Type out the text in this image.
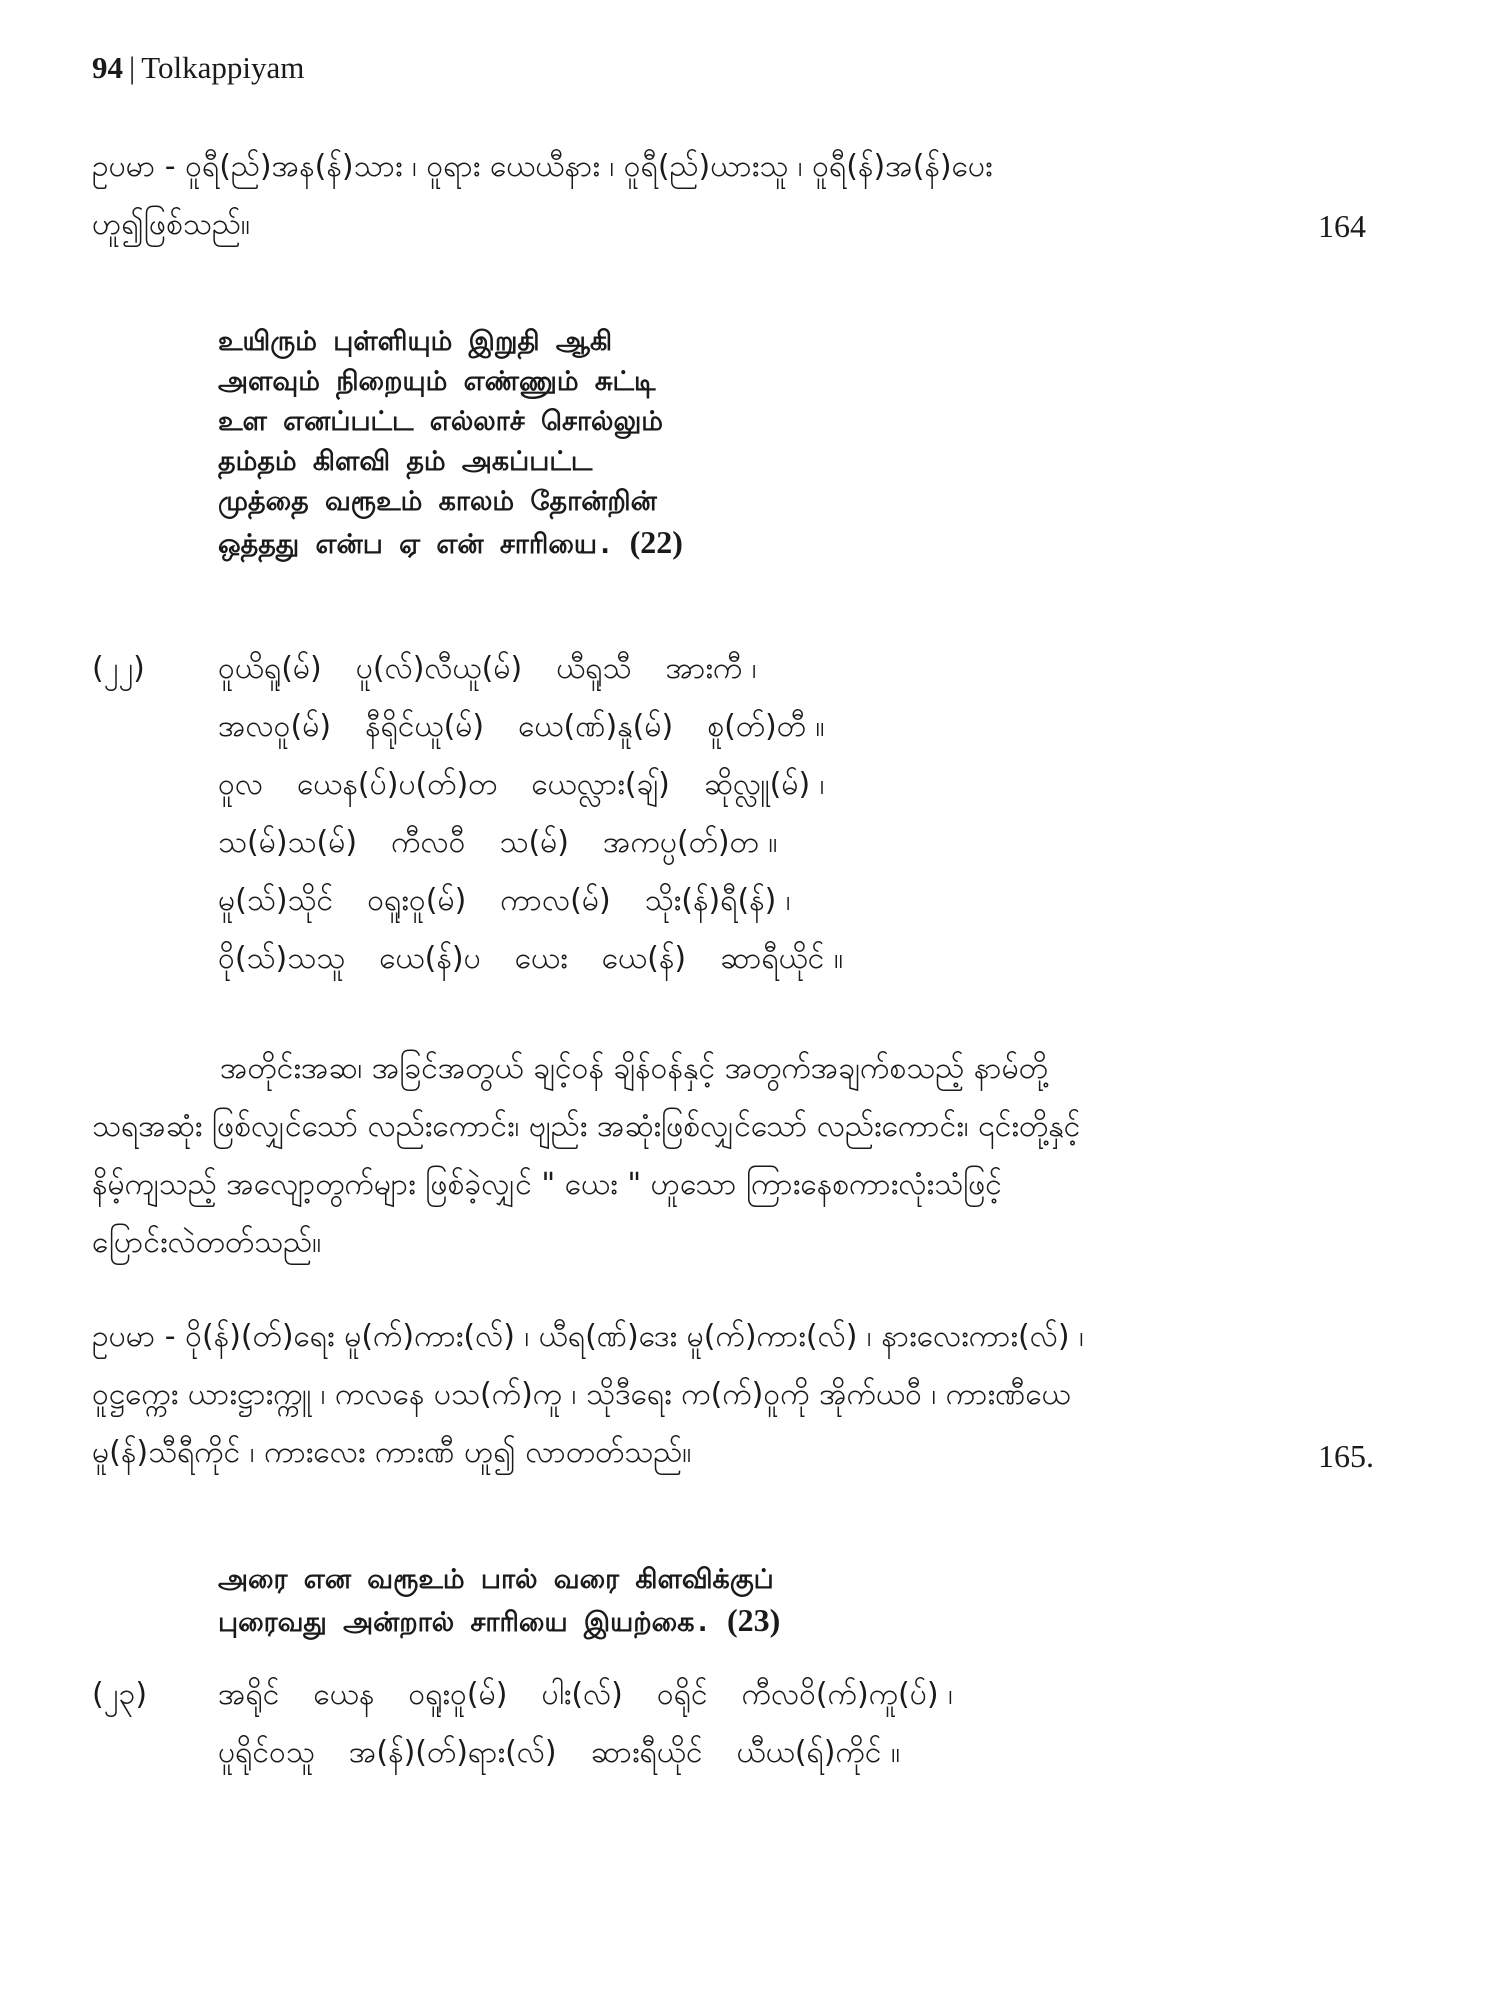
94 | Tolkappiyam
ဥပမာ - ဝူရီ(ည်)အန(န်)သား ၊ ဝူရား ယေယီနား ၊ ဝူရီ(ည်)ယားသူ ၊ ဝူရီ(န်)အ(န်)ပေး
ဟူ၍ဖြစ်သည်။	164
உயிரும் புள்ளியும் இறுதி ஆகி
அளவும் நிறையும் எண்ணும் சுட்டி
உள எனப்பட்ட எல்லாச் சொல்லும்
தம்தம் கிளவி தம் அகப்பட்ட
முத்தை வரூஉம் காலம் தோன்றின்
ஒத்தது என்ப ஏ என் சாரியை. (22)
(၂၂)	ဝူယိရူ(မ်) ပူ(လ်)လီယူ(မ်) ယီရူသီ အားကီ ၊
အလဝူ(မ်) နီရိုင်ယူ(မ်) ယေ(ဏ်)နူ(မ်) စူ(တ်)တီ ။
ဝူလ ယေန(ပ်)ပ(တ်)တ ယေလ္လား(ချ်) ဆိုလ္လူ(မ်) ၊
သ(မ်)သ(မ်) ကီလဝီ သ(မ်) အကပ္ပ(တ်)တ ။
မူ(သ်)သိုင် ဝရူးဝူ(မ်) ကာလ(မ်) သိုး(န်)ရီ(န်) ၊
ဝို(သ်)သသူ ယေ(န်)ပ ယေး ယေ(န်) ဆာရီယိုင် ။
အတိုင်းအဆ၊ အခြင်အတွယ် ချင့်ဝန် ချိန်ဝန်နှင့် အတွက်အချက်စသည့် နာမ်တို့
သရအဆုံး ဖြစ်လျှင်သော် လည်းကောင်း၊ ဗျည်း အဆုံးဖြစ်လျှင်သော် လည်းကောင်း၊ ၎င်းတို့နှင့်
နိမ့်ကျသည့် အလျော့တွက်များ ဖြစ်ခဲ့လျှင် " ယေး " ဟူသော ကြားနေစကားလုံးသံဖြင့်
ပြောင်းလဲတတ်သည်။
ဥပမာ - ဝို(န်)(တ်)ရေး မူ(က်)ကား(လ်) ၊ ယီရ(ဏ်)ဒေး မူ(က်)ကား(လ်) ၊ နားလေးကား(လ်) ၊
ဝူဋ္ဌက္ကေး ယားဋ္ဌားက္ကူ ၊ ကလနေ ပသ(က်)ကူ ၊ သိုဒီရေး က(က်)ဝူကို အိုက်ယဝီ ၊ ကားဏီယေ
မူ(န်)သီရီကိုင် ၊ ကားလေး ကားဏီ ဟူ၍ လာတတ်သည်။	165.
அரை என வரூஉம் பால் வரை கிளவிக்குப்
புரைவது அன்றால் சாரியை இயற்கை. (23)
(၂၃)	အရိုင် ယေန ဝရူးဝူ(မ်) ပါး(လ်) ဝရိုင် ကီလဝိ(က်)ကူ(ပ်) ၊
ပူရိုင်ဝသူ အ(န်)(တ်)ရား(လ်) ဆားရီယိုင် ယီယ(ရ်)ကိုင် ။
